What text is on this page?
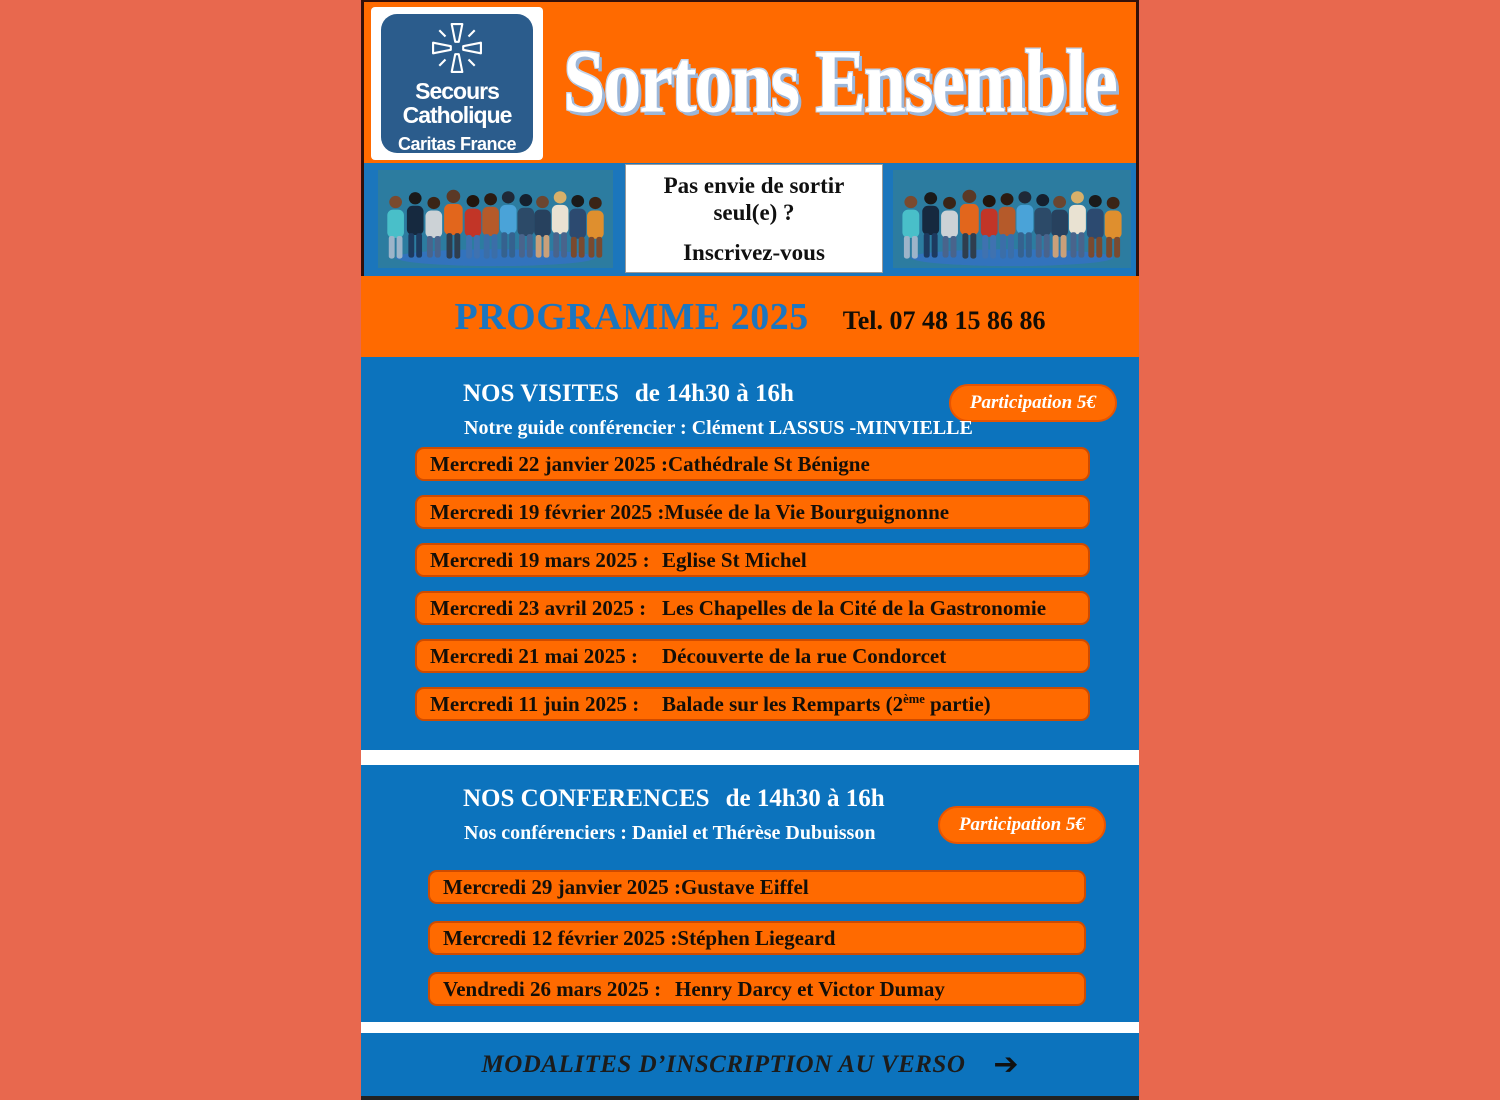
Secours
Catholique
Caritas France
Sortons Ensemble
Pas envie de sortir
seul(e) ?
Inscrivez-vous
PROGRAMME 2025 Tel. 07 48 15 86 86
NOS VISITES de 14h30 à 16h	Participation 5€
Notre guide conférencier : Clément LASSUS -MINVIELLE
Mercredi 22 janvier 2025 : Cathédrale St Bénigne
Mercredi 19 février 2025 : Musée de la Vie Bourguignonne
Mercredi 19 mars 2025 : Eglise St Michel
Mercredi 23 avril 2025 : Les Chapelles de la Cité de la Gastronomie
Mercredi 21 mai 2025 :	Découverte de la rue Condorcet
Mercredi 11 juin 2025 :	Balade sur les Remparts (2ème partie)
NOS CONFERENCES de 14h30 à 16h
Participation 5€
Nos conférenciers : Daniel et Thérèse Dubuisson
Mercredi 29 janvier 2025 : Gustave Eiffel
Mercredi 12 février 2025 : Stéphen Liegeard
Vendredi 26 mars 2025 : Henry Darcy et Victor Dumay
MODALITES D’INSCRIPTION AU VERSO ➔
